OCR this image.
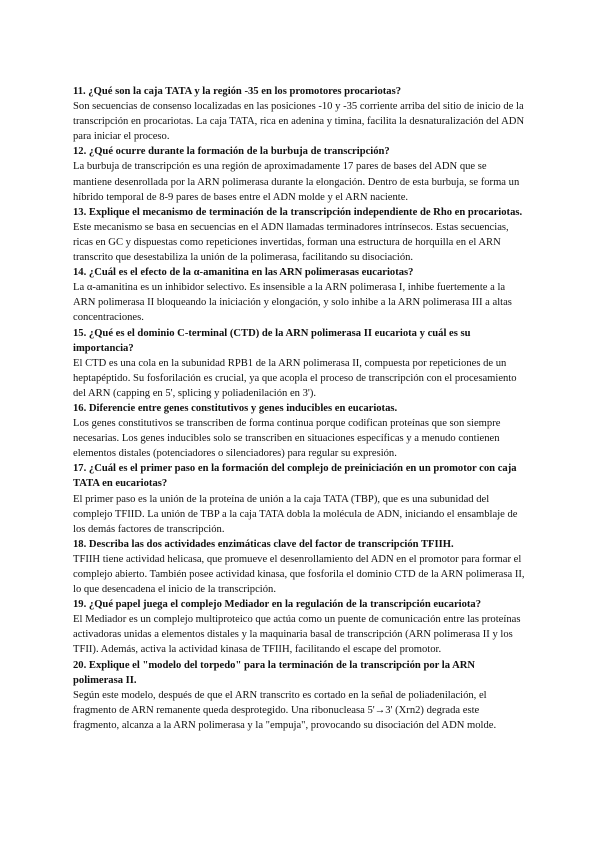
11. ¿Qué son la caja TATA y la región -35 en los promotores procariotas?

Son secuencias de consenso localizadas en las posiciones -10 y -35 corriente arriba del sitio de inicio de la transcripción en procariotas. La caja TATA, rica en adenina y timina, facilita la desnaturalización del ADN para iniciar el proceso.

12. ¿Qué ocurre durante la formación de la burbuja de transcripción?

La burbuja de transcripción es una región de aproximadamente 17 pares de bases del ADN que se mantiene desenrollada por la ARN polimerasa durante la elongación. Dentro de esta burbuja, se forma un híbrido temporal de 8-9 pares de bases entre el ADN molde y el ARN naciente.

13. Explique el mecanismo de terminación de la transcripción independiente de Rho en procariotas.

Este mecanismo se basa en secuencias en el ADN llamadas terminadores intrínsecos. Estas secuencias, ricas en GC y dispuestas como repeticiones invertidas, forman una estructura de horquilla en el ARN transcrito que desestabiliza la unión de la polimerasa, facilitando su disociación.

14. ¿Cuál es el efecto de la α-amanitina en las ARN polimerasas eucariotas?

La α-amanitina es un inhibidor selectivo. Es insensible a la ARN polimerasa I, inhibe fuertemente a la ARN polimerasa II bloqueando la iniciación y elongación, y solo inhibe a la ARN polimerasa III a altas concentraciones.

15. ¿Qué es el dominio C-terminal (CTD) de la ARN polimerasa II eucariota y cuál es su importancia?

El CTD es una cola en la subunidad RPB1 de la ARN polimerasa II, compuesta por repeticiones de un heptapéptido. Su fosforilación es crucial, ya que acopla el proceso de transcripción con el procesamiento del ARN (capping en 5', splicing y poliadenilación en 3').

16. Diferencie entre genes constitutivos y genes inducibles en eucariotas.

Los genes constitutivos se transcriben de forma continua porque codifican proteínas que son siempre necesarias. Los genes inducibles solo se transcriben en situaciones específicas y a menudo contienen elementos distales (potenciadores o silenciadores) para regular su expresión.

17. ¿Cuál es el primer paso en la formación del complejo de preiniciación en un promotor con caja TATA en eucariotas?

El primer paso es la unión de la proteína de unión a la caja TATA (TBP), que es una subunidad del complejo TFIID. La unión de TBP a la caja TATA dobla la molécula de ADN, iniciando el ensamblaje de los demás factores de transcripción.

18. Describa las dos actividades enzimáticas clave del factor de transcripción TFIIH.

TFIIH tiene actividad helicasa, que promueve el desenrollamiento del ADN en el promotor para formar el complejo abierto. También posee actividad kinasa, que fosforila el dominio CTD de la ARN polimerasa II, lo que desencadena el inicio de la transcripción.

19. ¿Qué papel juega el complejo Mediador en la regulación de la transcripción eucariota?

El Mediador es un complejo multiproteico que actúa como un puente de comunicación entre las proteínas activadoras unidas a elementos distales y la maquinaria basal de transcripción (ARN polimerasa II y los TFII). Además, activa la actividad kinasa de TFIIH, facilitando el escape del promotor.

20. Explique el "modelo del torpedo" para la terminación de la transcripción por la ARN polimerasa II.

Según este modelo, después de que el ARN transcrito es cortado en la señal de poliadenilación, el fragmento de ARN remanente queda desprotegido. Una ribonucleasa 5'→3' (Xrn2) degrada este fragmento, alcanza a la ARN polimerasa y la "empuja", provocando su disociación del ADN molde.
